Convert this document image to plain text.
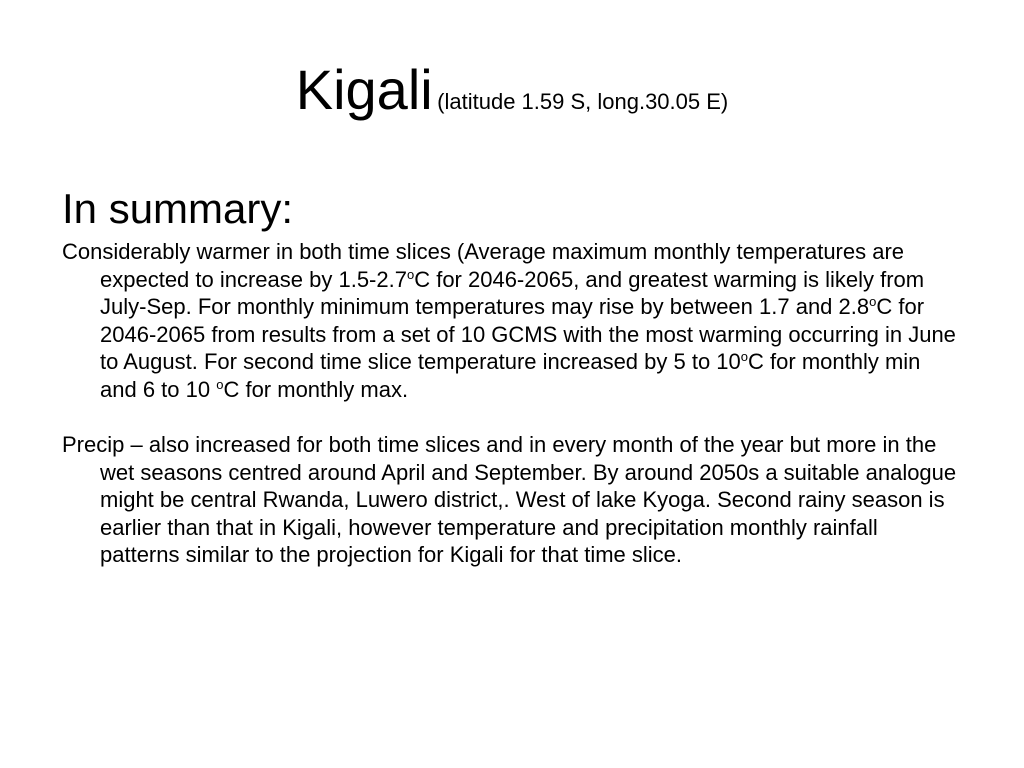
Kigali (latitude 1.59 S, long.30.05 E)
In summary:

Considerably warmer in both time slices (Average maximum monthly temperatures are expected to increase by 1.5-2.7$^o$C for 2046-2065, and greatest warming is likely from July-Sep. For monthly minimum temperatures may rise by between 1.7 and 2.8$^o$C for 2046-2065 from results from a set of 10 GCMS with the most warming occurring in June to August. For second time slice temperature increased by 5 to 10$^o$C for monthly min and 6 to 10 $^o$C for monthly max.

Precip – also increased for both time slices and in every month of the year but more in the wet seasons centred around April and September. By around 2050s a suitable analogue might be central Rwanda, Luwero district,. West of lake Kyoga. Second rainy season is earlier than that in Kigali, however temperature and precipitation monthly rainfall patterns similar to the projection for Kigali for that time slice.
